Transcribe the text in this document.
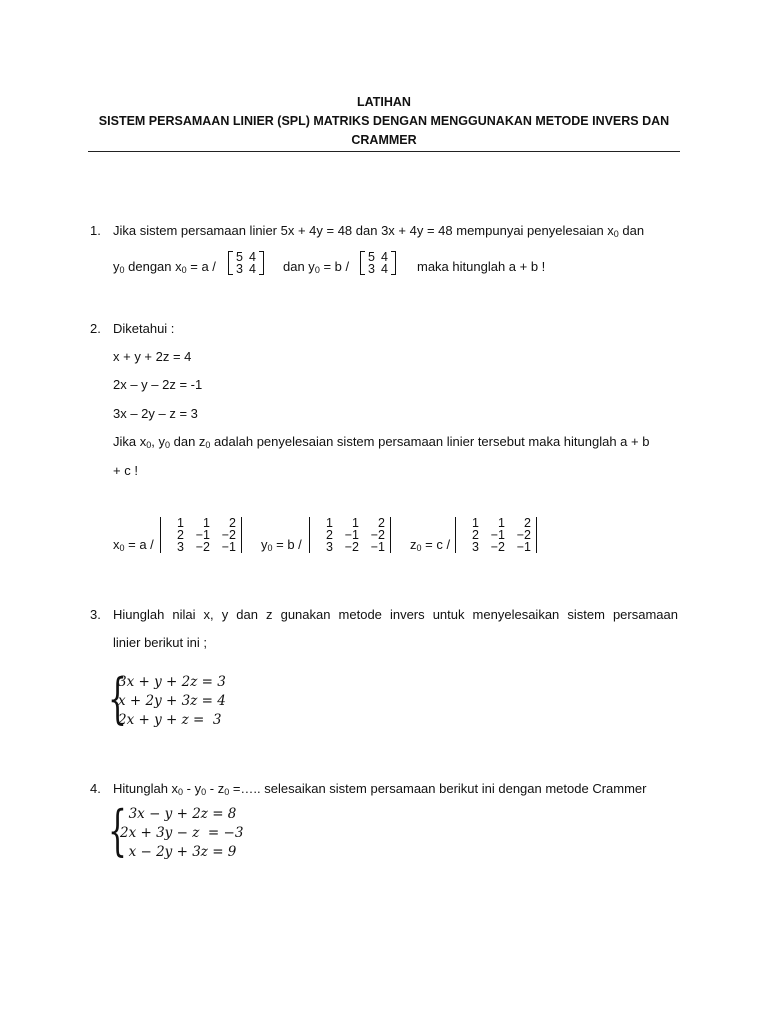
LATIHAN
SISTEM PERSAMAAN LINIER (SPL) MATRIKS DENGAN MENGGUNAKAN METODE INVERS DAN
CRAMMER
1. Jika sistem persamaan linier 5x + 4y = 48 dan 3x + 4y = 48 mempunyai penyelesaian $x_0$ dan
$y_0$ dengan $x_0 = a$ /
5	4
3	4 dan $y_0 = b$ /
5	4
3	4 maka hitunglah a + b !
2. Diketahui :
x + y + 2z = 4
2x – y – 2z = -1
3x – 2y – z = 3
Jika $x_0$, $y_0$ dan $z_0$ adalah penyelesaian sistem persamaan linier tersebut maka hitunglah a + b
+ c !
$x_0 = a$ /
1	1	2
2	−1	−2
3	−2	−1 $y_0 = b$ /
1	1	2
2	−1	−2
3	−2	−1 $z_0 = c$ /
1	1	2
2	−1	−2
3	−2	−1
3. Hiunglah nilai x, y dan z gunakan metode invers untuk menyelesaikan sistem persamaan
linier berikut ini ;
{
3x + y + 2z = 3
x + 2y + 3z = 4
2x + y + z =  3
4. Hitunglah $x_0 - y_0 - z_0$ =….. selesaikan sistem persamaan berikut ini dengan metode Crammer
{
3x − y + 2z = 8
2x + 3y − z  = −3
x − 2y + 3z = 9
